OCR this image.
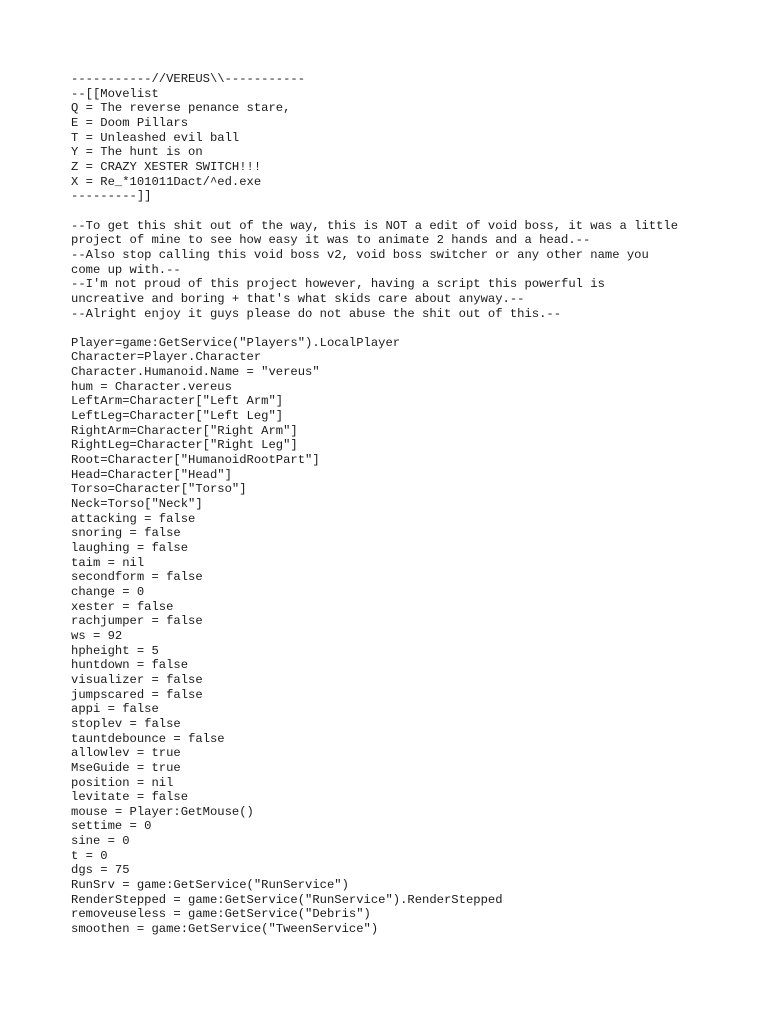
-----------//VEREUS\\-----------
--[[Movelist
Q = The reverse penance stare,
E = Doom Pillars
T = Unleashed evil ball
Y = The hunt is on
Z = CRAZY XESTER SWITCH!!!
X = Re_*101011Dact/^ed.exe
---------]]
--To get this shit out of the way, this is NOT a edit of void boss, it was a little
project of mine to see how easy it was to animate 2 hands and a head.--
--Also stop calling this void boss v2, void boss switcher or any other name you
come up with.--
--I'm not proud of this project however, having a script this powerful is
uncreative and boring + that's what skids care about anyway.--
--Alright enjoy it guys please do not abuse the shit out of this.--
Player=game:GetService("Players").LocalPlayer
Character=Player.Character
Character.Humanoid.Name = "vereus"
hum = Character.vereus
LeftArm=Character["Left Arm"]
LeftLeg=Character["Left Leg"]
RightArm=Character["Right Arm"]
RightLeg=Character["Right Leg"]
Root=Character["HumanoidRootPart"]
Head=Character["Head"]
Torso=Character["Torso"]
Neck=Torso["Neck"]
attacking = false
snoring = false
laughing = false
taim = nil
secondform = false
change = 0
xester = false
rachjumper = false
ws = 92
hpheight = 5
huntdown = false
visualizer = false
jumpscared = false
appi = false
stoplev = false
tauntdebounce = false
allowlev = true
MseGuide = true
position = nil
levitate = false
mouse = Player:GetMouse()
settime = 0
sine = 0
t = 0
dgs = 75
RunSrv = game:GetService("RunService")
RenderStepped = game:GetService("RunService").RenderStepped
removeuseless = game:GetService("Debris")
smoothen = game:GetService("TweenService")
